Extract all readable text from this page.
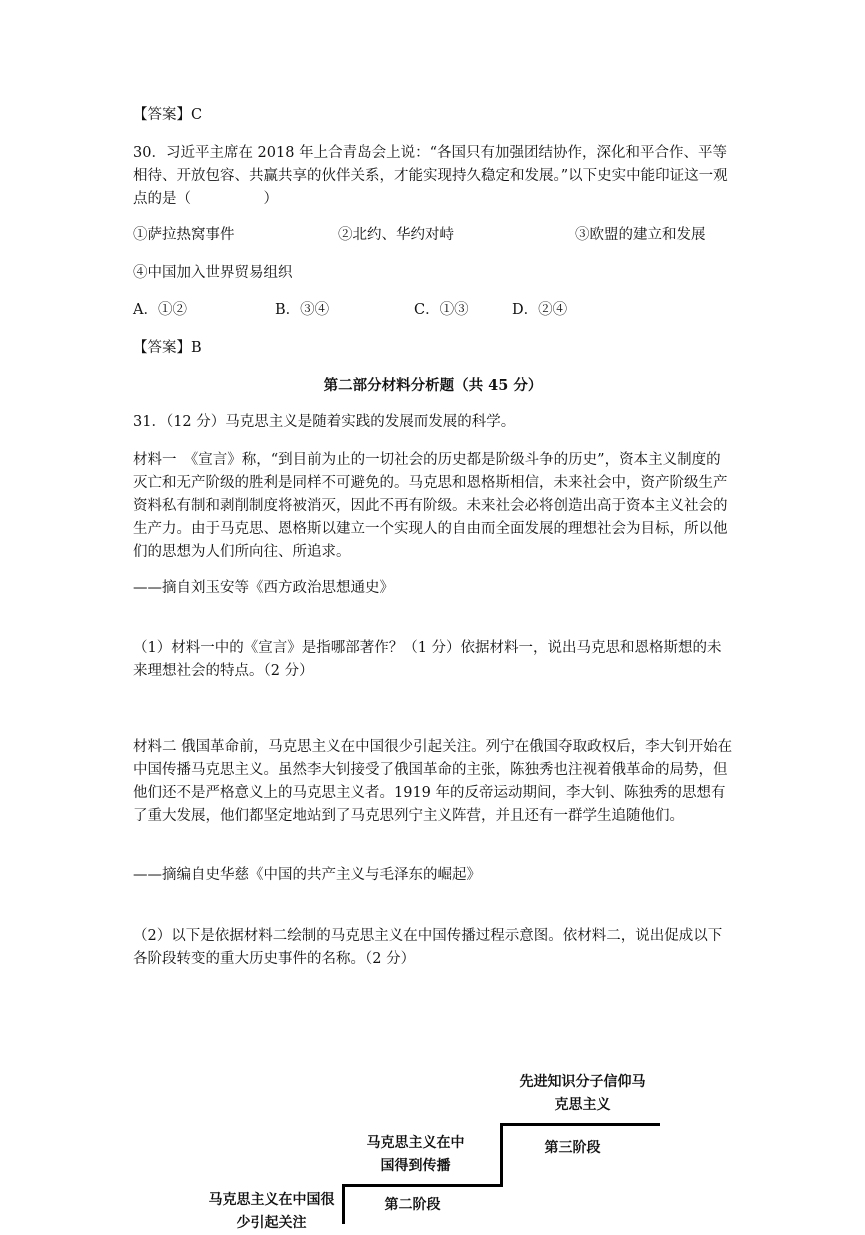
【答案】C

30．习近平主席在 2018 年上合青岛会上说：“各国只有加强团结协作，深化和平合作、平等相待、开放包容、共赢共享的伙伴关系，才能实现持久稳定和发展。”以下史实中能印证这一观点的是（　　　　　）

①萨拉热窝事件	②北约、华约对峙	③欧盟的建立和发展
④中国加入世界贸易组织
A．①②	B．③④	C．①③	D．②④

【答案】B

第二部分材料分析题（共 45 分）

31．（12 分）马克思主义是随着实践的发展而发展的科学。

材料一　《宣言》称，“到目前为止的一切社会的历史都是阶级斗争的历史”，资本主义制度的灭亡和无产阶级的胜利是同样不可避免的。马克思和恩格斯相信，未来社会中，资产阶级生产资料私有制和剥削制度将被消灭，因此不再有阶级。未来社会必将创造出高于资本主义社会的生产力。由于马克思、恩格斯以建立一个实现人的自由而全面发展的理想社会为目标，所以他们的思想为人们所向往、所追求。

——摘自刘玉安等《西方政治思想通史》

（1）材料一中的《宣言》是指哪部著作？（1 分）依据材料一，说出马克思和恩格斯想的未来理想社会的特点。（2 分）

材料二 俄国革命前，马克思主义在中国很少引起关注。列宁在俄国夺取政权后，李大钊开始在中国传播马克思主义。虽然李大钊接受了俄国革命的主张，陈独秀也注视着俄革命的局势，但他们还不是严格意义上的马克思主义者。1919 年的反帝运动期间，李大钊、陈独秀的思想有了重大发展，他们都坚定地站到了马克思列宁主义阵营，并且还有一群学生追随他们。

——摘编自史华慈《中国的共产主义与毛泽东的崛起》

（2）以下是依据材料二绘制的马克思主义在中国传播过程示意图。依材料二，说出促成以下各阶段转变的重大历史事件的名称。（2 分）

先进知识分子信仰马克思主义
第三阶段
马克思主义在中国得到传播
第二阶段
马克思主义在中国很少引起关注
